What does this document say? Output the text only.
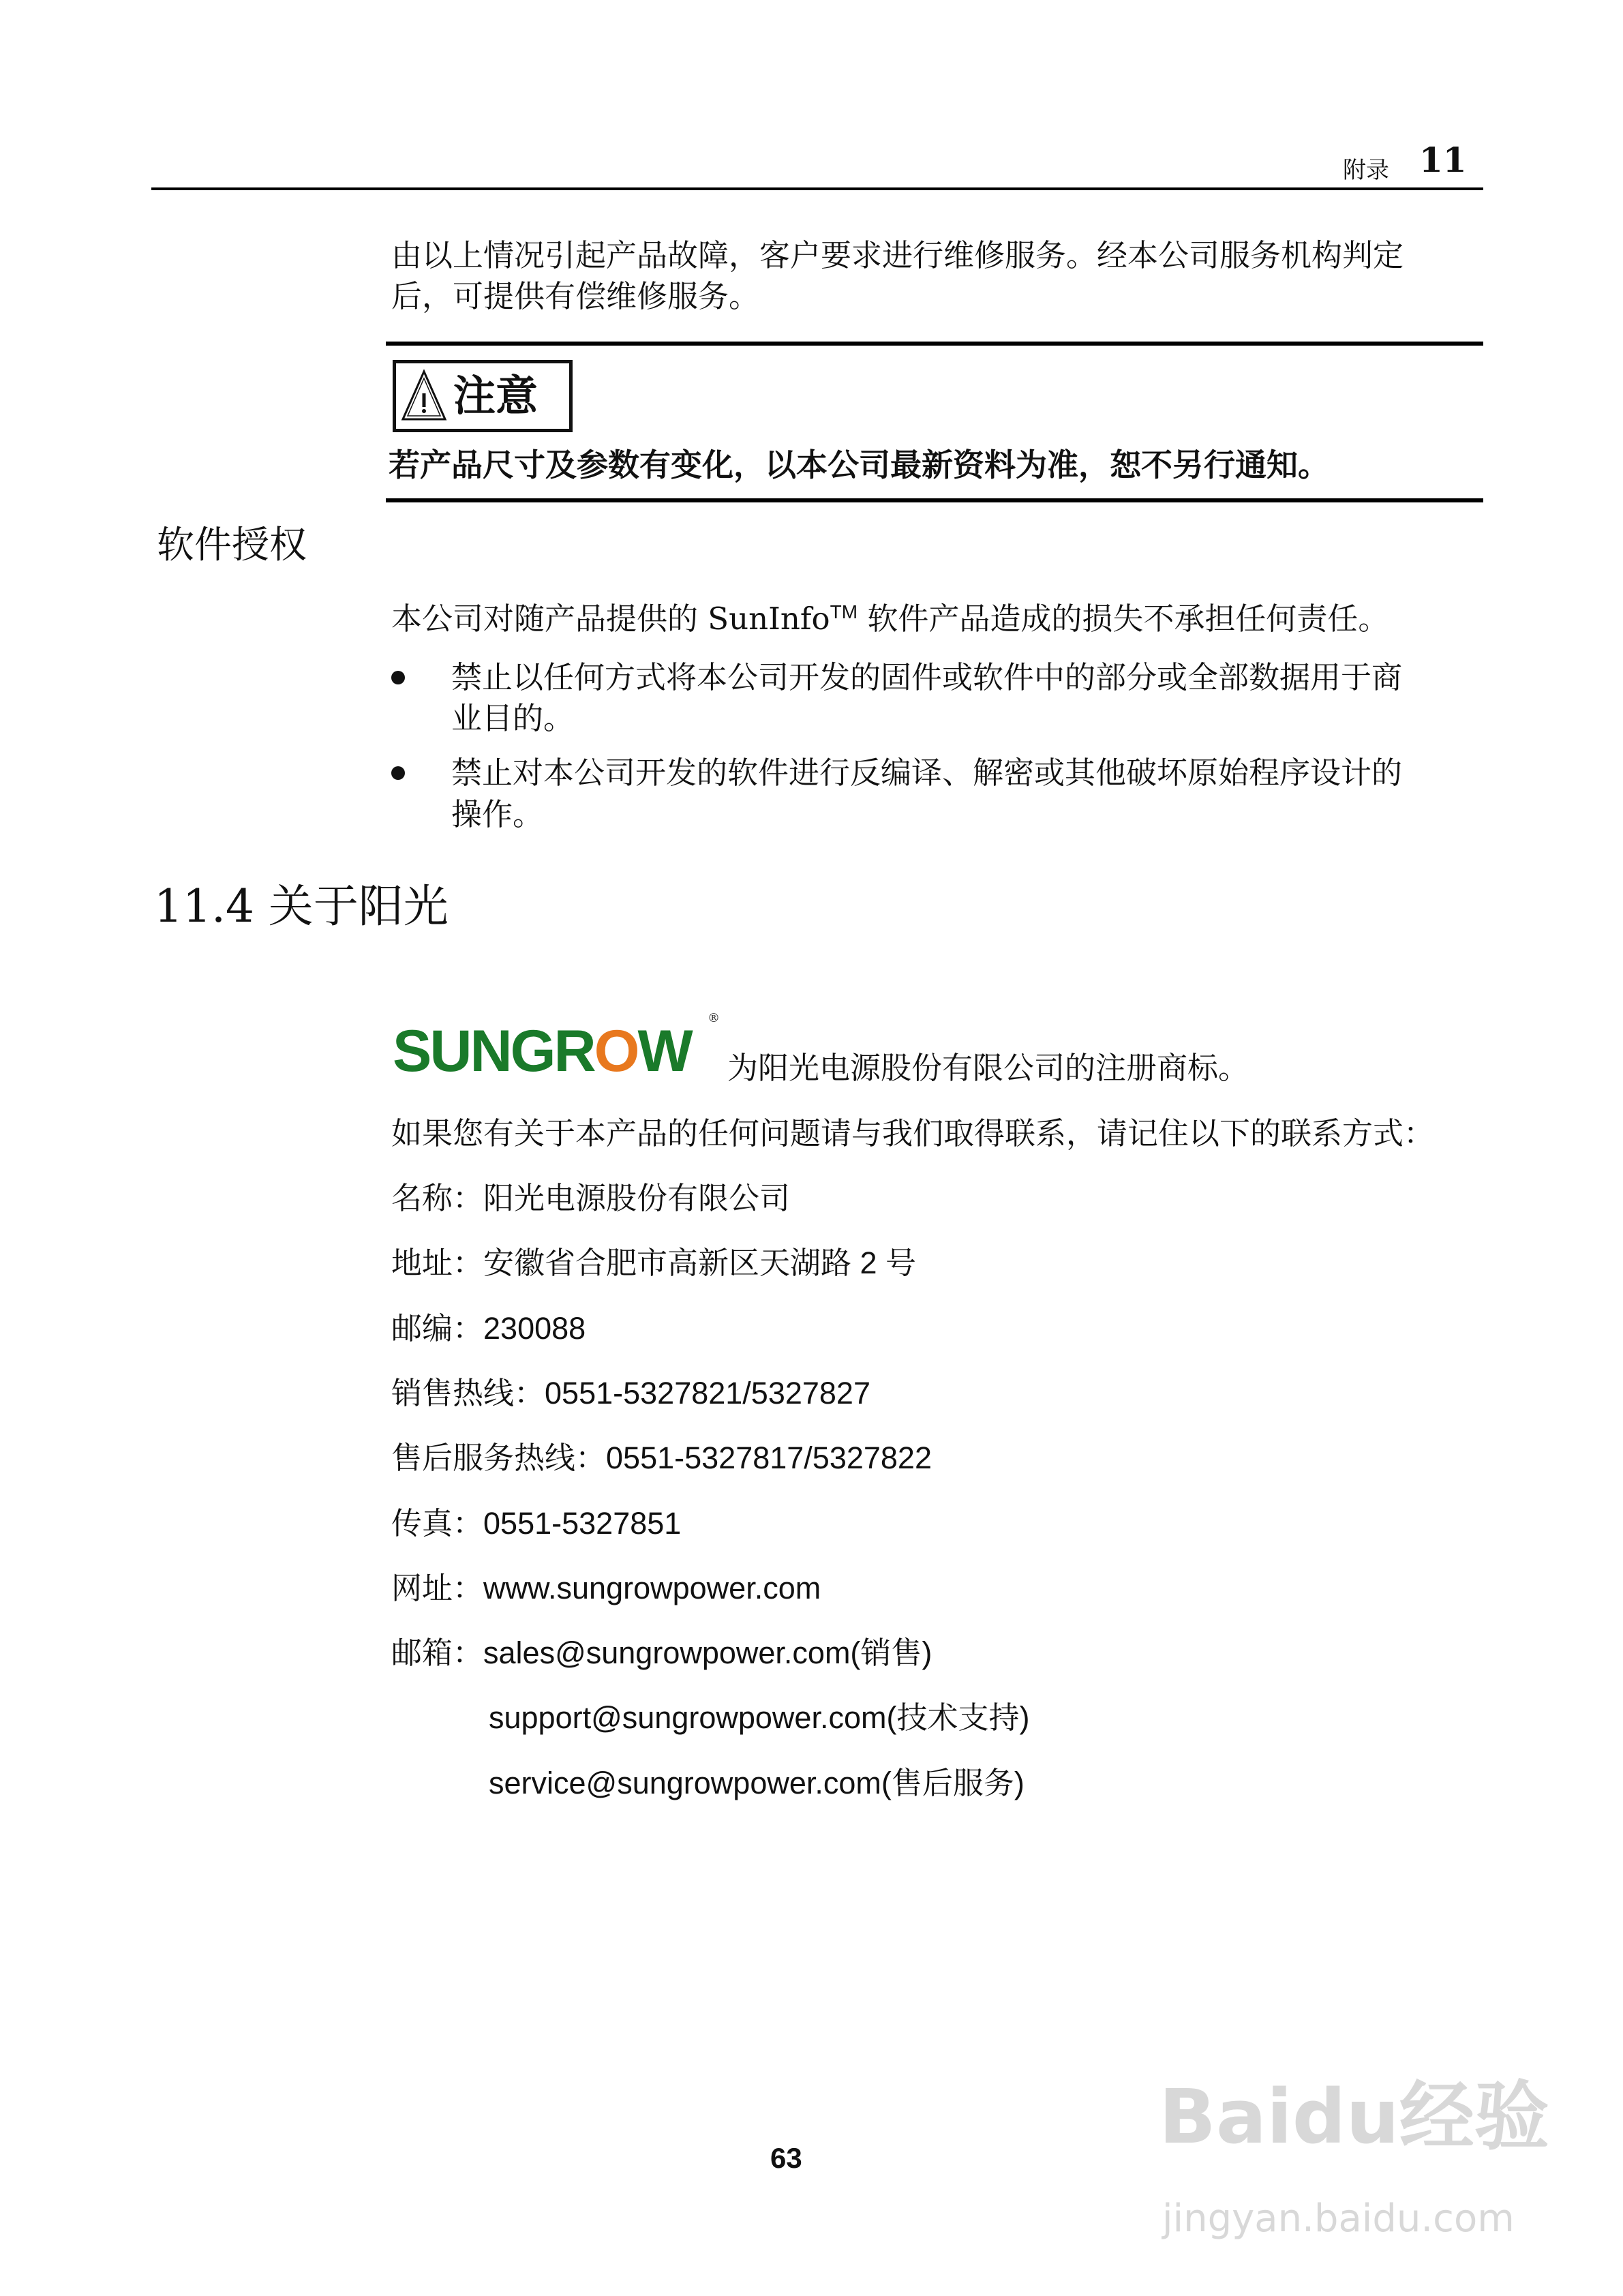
附录 11
由以上情况引起产品故障，客户要求进行维修服务。经本公司服务机构判定
后，可提供有偿维修服务。
注意
若产品尺寸及参数有变化，以本公司最新资料为准，恕不另行通知。
软件授权
本公司对随产品提供的 SunInfo™ 软件产品造成的损失不承担任何责任。
禁止以任何方式将本公司开发的固件或软件中的部分或全部数据用于商
业目的。
禁止对本公司开发的软件进行反编译、解密或其他破坏原始程序设计的
操作。
11.4 关于阳光
SUNGROW
®
为阳光电源股份有限公司的注册商标。
如果您有关于本产品的任何问题请与我们取得联系，请记住以下的联系方式：
名称：阳光电源股份有限公司
地址：安徽省合肥市高新区天湖路 2 号
邮编：230088
销售热线：0551-5327821/5327827
售后服务热线：0551-5327817/5327822
传真：0551-5327851
网址：www.sungrowpower.com
邮箱：sales@sungrowpower.com(销售)
support@sungrowpower.com(技术支持)
service@sungrowpower.com(售后服务)
63	Baidu经验
jingyan.baidu.com
